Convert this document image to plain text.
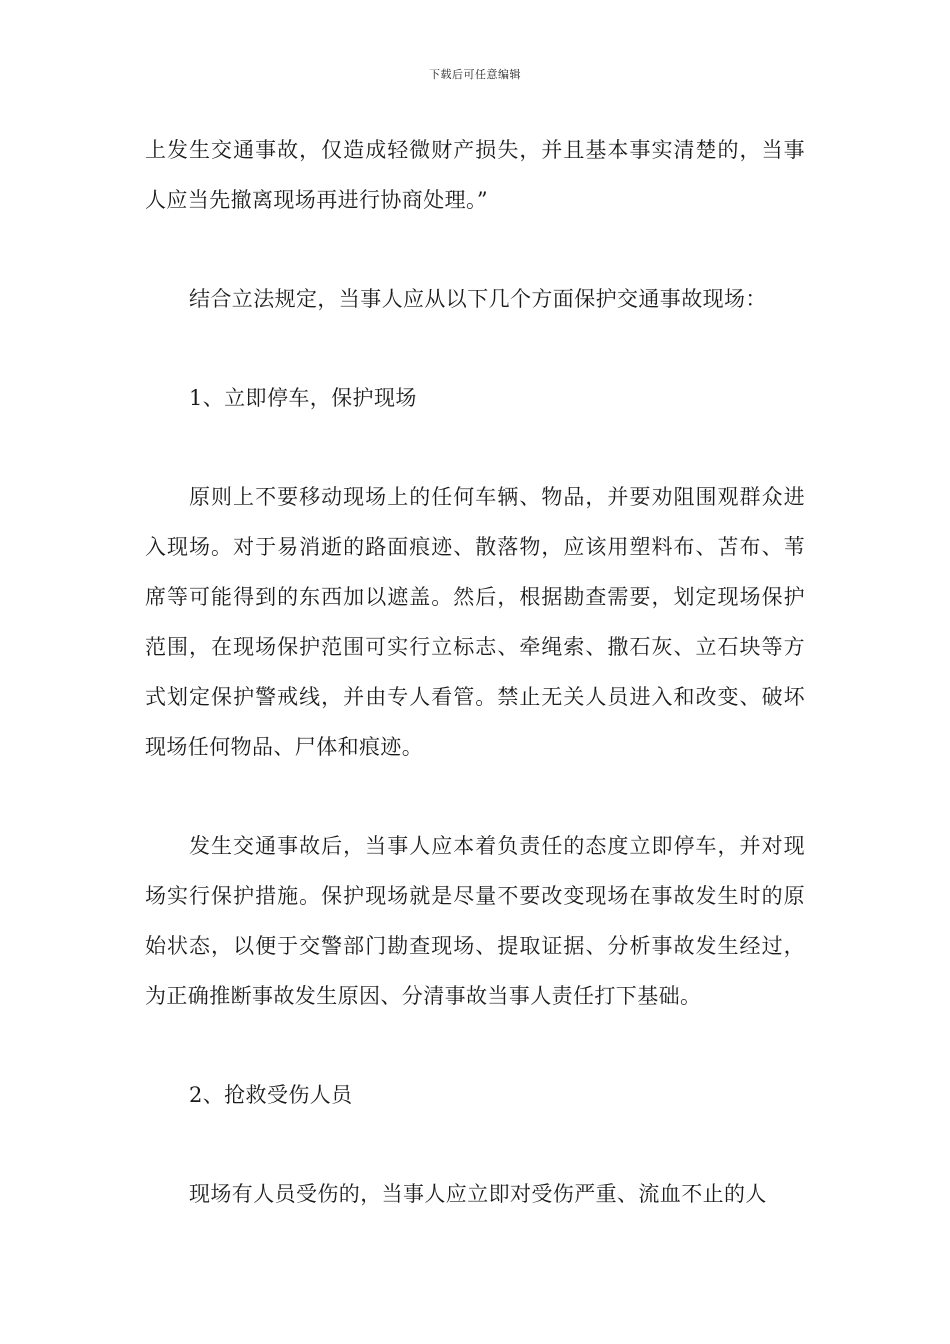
下载后可任意编辑

上发生交通事故，仅造成轻微财产损失，并且基本事实清楚的，当事人应当先撤离现场再进行协商处理。”

结合立法规定，当事人应从以下几个方面保护交通事故现场：

1、立即停车，保护现场

原则上不要移动现场上的任何车辆、物品，并要劝阻围观群众进入现场。对于易消逝的路面痕迹、散落物，应该用塑料布、苫布、苇席等可能得到的东西加以遮盖。然后，根据勘查需要，划定现场保护范围，在现场保护范围可实行立标志、牵绳索、撒石灰、立石块等方式划定保护警戒线，并由专人看管。禁止无关人员进入和改变、破坏现场任何物品、尸体和痕迹。

发生交通事故后，当事人应本着负责任的态度立即停车，并对现场实行保护措施。保护现场就是尽量不要改变现场在事故发生时的原始状态，以便于交警部门勘查现场、提取证据、分析事故发生经过，为正确推断事故发生原因、分清事故当事人责任打下基础。

2、抢救受伤人员

现场有人员受伤的，当事人应立即对受伤严重、流血不止的人
